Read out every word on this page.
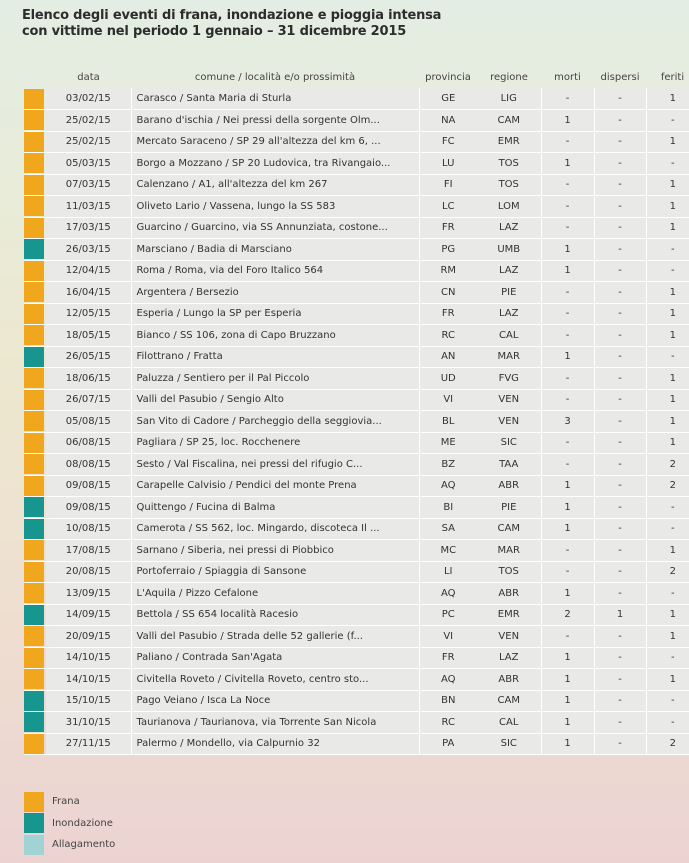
Elenco degli eventi di frana, inondazione e pioggia intensa
con vittime nel periodo 1 gennaio – 31 dicembre 2015
	data	comune / località e/o prossimità	provincia	regione	morti	dispersi	feriti

	03/02/15	Carasco / Santa Maria di Sturla	GE	LIG	-	-	1

	25/02/15	Barano d'ischia / Nei pressi della sorgente Olm...	NA	CAM	1	-	-

	25/02/15	Mercato Saraceno / SP 29 all'altezza del km 6, ...	FC	EMR	-	-	1

	05/03/15	Borgo a Mozzano / SP 20 Ludovica, tra Rivangaio...	LU	TOS	1	-	-

	07/03/15	Calenzano / A1, all'altezza del km 267	FI	TOS	-	-	1

	11/03/15	Oliveto Lario / Vassena, lungo la SS 583	LC	LOM	-	-	1

	17/03/15	Guarcino / Guarcino, via SS Annunziata, costone...	FR	LAZ	-	-	1

	26/03/15	Marsciano / Badia di Marsciano	PG	UMB	1	-	-

	12/04/15	Roma / Roma, via del Foro Italico 564	RM	LAZ	1	-	-

	16/04/15	Argentera / Bersezio	CN	PIE	-	-	1

	12/05/15	Esperia / Lungo la SP per Esperia	FR	LAZ	-	-	1

	18/05/15	Bianco / SS 106, zona di Capo Bruzzano	RC	CAL	-	-	1

	26/05/15	Filottrano / Fratta	AN	MAR	1	-	-

	18/06/15	Paluzza / Sentiero per il Pal Piccolo	UD	FVG	-	-	1

	26/07/15	Valli del Pasubio / Sengio Alto	VI	VEN	-	-	1

	05/08/15	San Vito di Cadore / Parcheggio della seggiovia...	BL	VEN	3	-	1

	06/08/15	Pagliara / SP 25, loc. Rocchenere	ME	SIC	-	-	1

	08/08/15	Sesto / Val Fiscalina, nei pressi del rifugio C...	BZ	TAA	-	-	2

	09/08/15	Carapelle Calvisio / Pendici del monte Prena	AQ	ABR	1	-	2

	09/08/15	Quittengo / Fucina di Balma	BI	PIE	1	-	-

	10/08/15	Camerota / SS 562, loc. Mingardo, discoteca Il ...	SA	CAM	1	-	-

	17/08/15	Sarnano / Siberia, nei pressi di Piobbico	MC	MAR	-	-	1

	20/08/15	Portoferraio / Spiaggia di Sansone	LI	TOS	-	-	2

	13/09/15	L'Aquila / Pizzo Cefalone	AQ	ABR	1	-	-

	14/09/15	Bettola / SS 654 località Racesio	PC	EMR	2	1	1

	20/09/15	Valli del Pasubio / Strada delle 52 gallerie (f...	VI	VEN	-	-	1

	14/10/15	Paliano / Contrada San'Agata	FR	LAZ	1	-	-

	14/10/15	Civitella Roveto / Civitella Roveto, centro sto...	AQ	ABR	1	-	1

	15/10/15	Pago Veiano / Isca La Noce	BN	CAM	1	-	-

	31/10/15	Taurianova / Taurianova, via Torrente San Nicola	RC	CAL	1	-	-

	27/11/15	Palermo / Mondello, via Calpurnio 32	PA	SIC	1	-	2
Frana
Inondazione
Allagamento
